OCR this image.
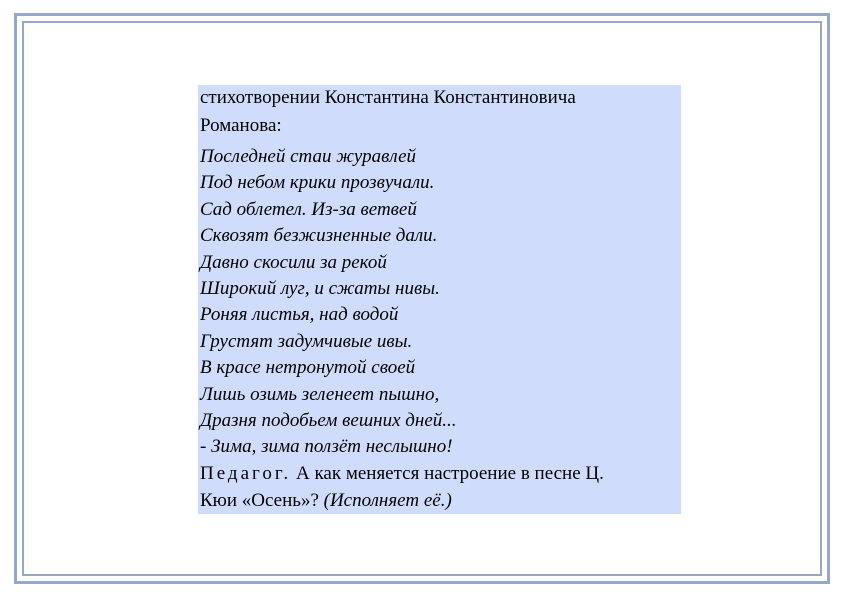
стихотворении Константина Константиновича
Романова:
Последней стаи журавлей
Под небом крики прозвучали.
Сад облетел. Из-за ветвей
Сквозят безжизненные дали.
Давно скосили за рекой
Широкий луг, и сжаты нивы.
Роняя листья, над водой
Грустят задумчивые ивы.
В красе нетронутой своей
Лишь озимь зеленеет пышно,
Дразня подобьем вешних дней...
- Зима, зима ползёт неслышно!
Педагог. А как меняется настроение в песне Ц.
Кюи «Осень»? (Исполняет её.)
